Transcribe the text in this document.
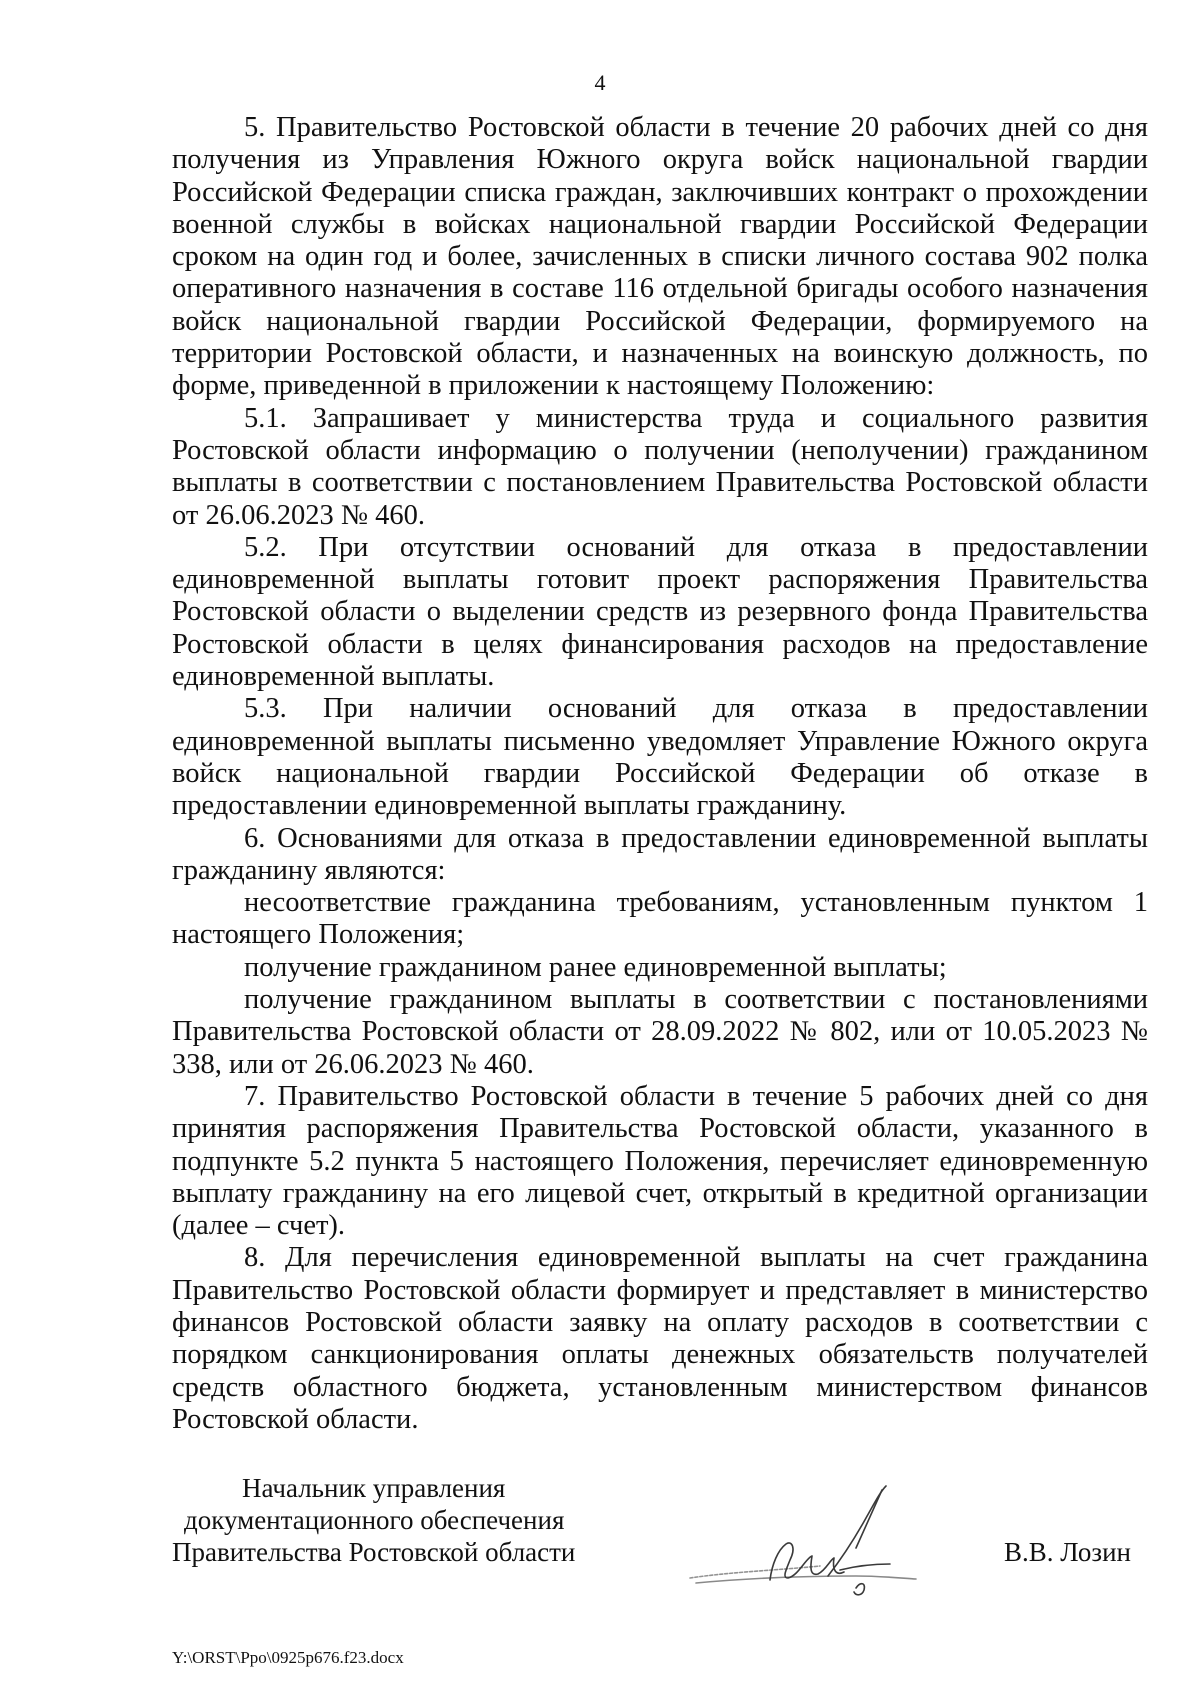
4

5. Правительство Ростовской области в течение 20 рабочих дней со дня получения из Управления Южного округа войск национальной гвардии Российской Федерации списка граждан, заключивших контракт о прохождении военной службы в войсках национальной гвардии Российской Федерации сроком на один год и более, зачисленных в списки личного состава 902 полка оперативного назначения в составе 116 отдельной бригады особого назначения войск национальной гвардии Российской Федерации, формируемого на территории Ростовской области, и назначенных на воинскую должность, по форме, приведенной в приложении к настоящему Положению:

5.1. Запрашивает у министерства труда и социального развития Ростовской области информацию о получении (неполучении) гражданином выплаты в соответствии с постановлением Правительства Ростовской области от 26.06.2023 № 460.

5.2. При отсутствии оснований для отказа в предоставлении единовременной выплаты готовит проект распоряжения Правительства Ростовской области о выделении средств из резервного фонда Правительства Ростовской области в целях финансирования расходов на предоставление единовременной выплаты.

5.3. При наличии оснований для отказа в предоставлении единовременной выплаты письменно уведомляет Управление Южного округа войск национальной гвардии Российской Федерации об отказе в предоставлении единовременной выплаты гражданину.

6. Основаниями для отказа в предоставлении единовременной выплаты гражданину являются:

несоответствие гражданина требованиям, установленным пунктом 1 настоящего Положения;

получение гражданином ранее единовременной выплаты;

получение гражданином выплаты в соответствии с постановлениями Правительства Ростовской области от 28.09.2022 № 802, или от 10.05.2023 № 338, или от 26.06.2023 № 460.

7. Правительство Ростовской области в течение 5 рабочих дней со дня принятия распоряжения Правительства Ростовской области, указанного в подпункте 5.2 пункта 5 настоящего Положения, перечисляет единовременную выплату гражданину на его лицевой счет, открытый в кредитной организации (далее – счет).

8. Для перечисления единовременной выплаты на счет гражданина Правительство Ростовской области формирует и представляет в министерство финансов Ростовской области заявку на оплату расходов в соответствии с порядком санкционирования оплаты денежных обязательств получателей средств областного бюджета, установленным министерством финансов Ростовской области.

Начальник управления
документационного обеспечения
Правительства Ростовской области	В.В. Лозин
Y:\ORST\Ppo\0925p676.f23.docx
